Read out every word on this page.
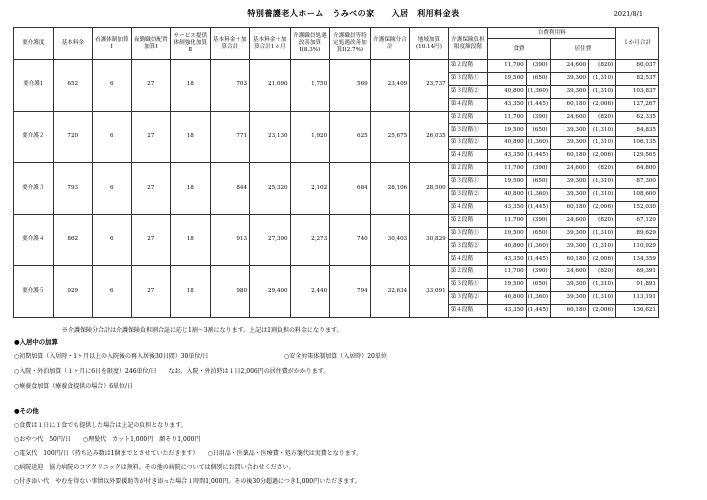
特別養護老人ホーム　うみべの家　　入居　利用料金表	2021/8/1
要介護度	基本料金	看護体制加算Ⅰ	夜勤職員配置加算Ⅰ	サービス提供体制強化加算Ⅱ	基本料金＋加算合計	基本料金＋加算合計1ヵ月	介護職員処遇改善加算Ⅰ(8.3%)	介護職員等特定処遇改善加算Ⅰ(2.7%)	介護保険分合計	地域加算(10.14円)	介護保険負担限度額段階	自費利用料				１か月合計
												食費		居住費		
要介護1	652	6	27	18	703	21,090	1,750	569	23,409	23,737	第２段階	11,700	(390)	24,600	(820)	60,037
											第３段階①	19,500	(650)	39,300	(1,310)	82,537
											第３段階②	40,800	(1,360)	39,300	(1,310)	103,837
											第４段階	43,350	(1,445)	60,180	(2,006)	127,267
要介護２	720	6	27	18	771	23,130	1,920	625	25,675	26,035	第２段階	11,700	(390)	24,600	(820)	62,335
											第３段階①	19,500	(650)	39,300	(1,310)	84,835
											第３段階②	40,800	(1,360)	39,300	(1,310)	106,135
											第４段階	43,350	(1,445)	60,180	(2,006)	129,565
要介護３	793	6	27	18	844	25,320	2,102	684	28,106	28,500	第２段階	11,700	(390)	24,600	(820)	64,800
											第３段階①	19,500	(650)	39,300	(1,310)	87,300
											第３段階②	40,800	(1,360)	39,300	(1,310)	108,600
											第４段階	43,350	(1,445)	60,180	(2,006)	152,030
要介護４	862	6	27	18	913	27,390	2,273	740	30,403	30,829	第２段階	11,700	(390)	24,600	(820)	67,129
											第３段階①	19,500	(650)	39,300	(1,310)	89,629
											第３段階②	40,800	(1,360)	39,300	(1,310)	110,929
											第４段階	43,350	(1,445)	60,180	(2,006)	134,359
要介護５	929	6	27	18	980	29,400	2,440	794	32,634	33,091	第２段階	11,700	(390)	24,600	(820)	69,391
											第３段階①	19,500	(650)	39,300	(1,310)	91,891
											第３段階②	40,800	(1,360)	39,300	(1,310)	113,191
											第４段階	43,350	(1,445)	60,180	(2,006)	136,621
※介護保険分合計は介護保険負担割合証に応じ1割～3割になります。上記は1割負担の料金になります。
●入居中の加算
○初期加算（入居時・1ヶ月以上の入院後の再入居後30日間）30単位/日	○安全対策体制加算（入居時）20単位
○入院・外泊加算（１ヶ月に6日を限度）246単位/日　　なお、入院・外泊時は１日2,006円の居住費がかかります。
○療養食加算（療養食提供の場合）6単位/日
●その他
○食費は１日に１食でも提供した場合は上記の負担となります。
○おやつ代　50円/日　　○理髪代　カット1,000円　顔そり1,000円
○電気代　100円/日（持ち込み数は1個までとさせていただきます）　　○日用品・医薬品・医療費・処方箋代は実費となります。
○病院送迎　協力病院のコアクリニックは無料。その他の病院については個別にお問い合わせください。
○付き添い代　やむを得ない事情以外要援助等が付き添った場合１時間1,000円。その後30分超過につき1,000円いただきます。
